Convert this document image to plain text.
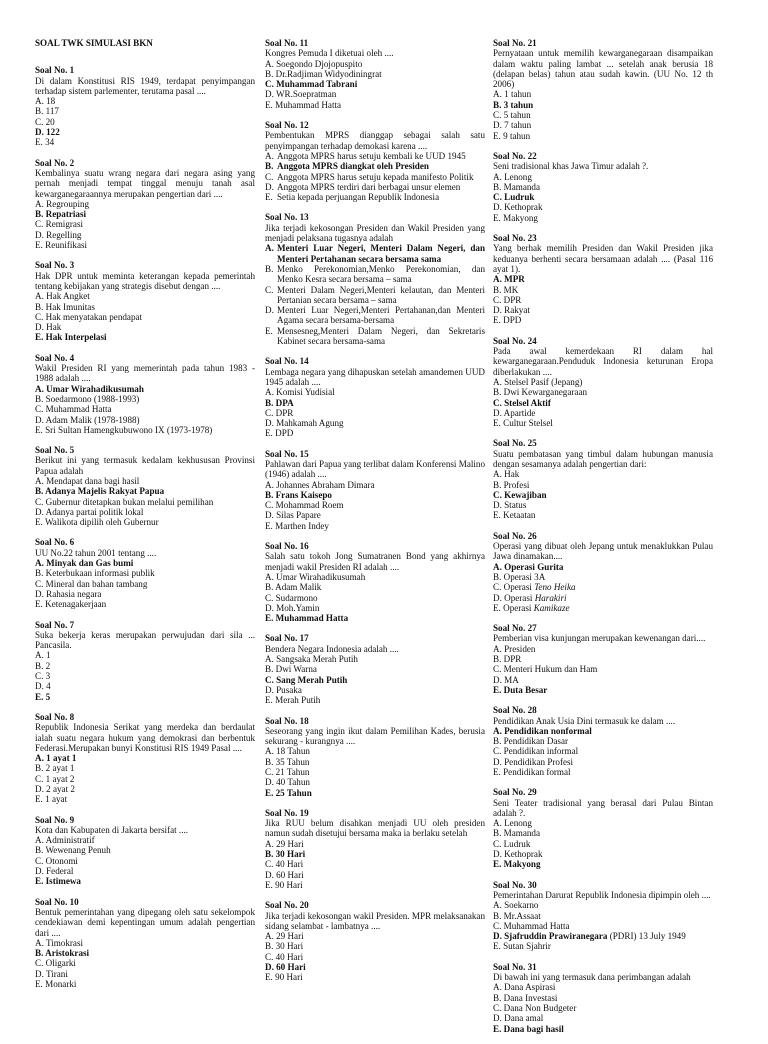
SOAL TWK SIMULASI BKN
Soal No. 1
Di dalam Konstitusi RIS 1949, terdapat penyimpangan terhadap sistem parlementer, terutama pasal ....
A. 18
B. 117
C. 20
D. 122
E. 34
Soal No. 2
Kembalinya suatu wrang negara dari negara asing yang pernah menjadi tempat tinggal menuju tanah asal kewarganegaraannya merupakan pengertian dari ....
A. Regrouping
B. Repatriasi
C. Remigrasi
D. Regelling
E. Reunifikasi
Soal No. 3
Hak DPR untuk meminta keterangan kepada pemerintah tentang kebijakan yang strategis disebut dengan ....
A. Hak Angket
B. Hak Imunitas
C. Hak menyatakan pendapat
D. Hak
E. Hak Interpelasi
Soal No. 4
Wakil Presiden RI yang memerintah pada tahun 1983 - 1988 adalah ....
A. Umar Wirahadikusumah
B. Soedarmono (1988-1993)
C. Muhammad Hatta
D. Adam Malik (1978-1988)
E. Sri Sultan Hamengkubuwono IX (1973-1978)
Soal No. 5
Berikut ini yang termasuk kedalam kekhususan Provinsi Papua adalah
A. Mendapat dana bagi hasil
B. Adanya Majelis Rakyat Papua
C. Gubernur ditetapkan bukan melalui pemilihan
D. Adanya partai politik lokal
E. Walikota dipilih oleh Gubernur
Soal No. 6
UU No.22 tahun 2001 tentang ....
A. Minyak dan Gas bumi
B. Keterbukaan informasi publik
C. Mineral dan bahan tambang
D. Rahasia negara
E. Ketenagakerjaan
Soal No. 7
Suka bekerja keras merupakan perwujudan dari sila ... Pancasila.
A. 1
B. 2
C. 3
D. 4
E. 5
Soal No. 8
Republik Indonesia Serikat yang merdeka dan berdaulat ialah suatu negara hukum yang demokrasi dan berbentuk Federasi.Merupakan bunyi Konstitusi RIS 1949 Pasal ....
A. 1 ayat 1
B. 2 ayat 1
C. 1 ayat 2
D. 2 ayat 2
E. 1 ayat
Soal No. 9
Kota dan Kabupaten di Jakarta bersifat ....
A. Administratif
B. Wewenang Penuh
C. Otonomi
D. Federal
E. Istimewa
Soal No. 10
Bentuk pemerintahan yang dipegang oleh satu sekelompok cendekiawan demi kepentingan umum adalah pengertian dari ....
A. Timokrasi
B. Aristokrasi
C. Oligarki
D. Tirani
E. Monarki
Soal No. 11
Kongres Pemuda I diketuai oleh ....
A. Soegondo Djojopuspito
B. Dr.Radjiman Widyodiningrat
C. Muhammad Tabrani
D. WR.Soepratman
E. Muhammad Hatta
Soal No. 12
Pembentukan MPRS dianggap sebagai salah satu penyimpangan terhadap demokasi karena ....
A. Anggota MPRS harus setuju kembali ke UUD 1945
B. Anggota MPRS diangkat oleh Presiden
C. Anggota MPRS harus setuju kepada manifesto Politik
D. Anggota MPRS terdiri dari berbagai unsur elemen
E. Setia kepada perjuangan Republik Indonesia
Soal No. 13
Jika terjadi kekosongan Presiden dan Wakil Presiden yang menjadi pelaksana tugasnya adalah
A. Menteri Luar Negeri, Menteri Dalam Negeri, dan Menteri Pertahanan secara bersama sama
B. Menko Perekonomian,Menko Perekonomian, dan Menko Kesra secara bersama – sama
C. Menteri Dalam Negeri,Menteri kelautan, dan Menteri Pertanian secara bersama – sama
D. Menteri Luar Negeri,Menteri Pertahanan,dan Menteri Agama secara bersama-bersama
E. Mensesneg,Menteri Dalam Negeri, dan Sekretaris Kabinet secara bersama-sama
Soal No. 14
Lembaga negara yang dihapuskan setelah amandemen UUD 1945 adalah ....
A. Komisi Yudisial
B. DPA
C. DPR
D. Mahkamah Agung
E. DPD
Soal No. 15
Pahlawan dari Papua yang terlibat dalam Konferensi Malino (1946) adalah ....
A. Johannes Abraham Dimara
B. Frans Kaisepo
C. Mohammad Roem
D. Silas Papare
E. Marthen Indey
Soal No. 16
Salah satu tokoh Jong Sumatranen Bond yang akhirnya menjadi wakil Presiden RI adalah ....
A. Umar Wirahadikusumah
B. Adam Malik
C. Sudarmono
D. Moh.Yamin
E. Muhammad Hatta
Soal No. 17
Bendera Negara Indonesia adalah ....
A. Sangsaka Merah Putih
B. Dwi Warna
C. Sang Merah Putih
D. Pusaka
E. Merah Putih
Soal No. 18
Seseorang yang ingin ikut dalam Pemilihan Kades, berusia sekurang - kurangnya ....
A. 18 Tahun
B. 35 Tahun
C. 21 Tahun
D. 40 Tahun
E. 25 Tahun
Soal No. 19
Jika RUU belum disahkan menjadi UU oleh presiden namun sudah disetujui bersama maka ia berlaku setelah
A. 29 Hari
B. 30 Hari
C. 40 Hari
D. 60 Hari
E. 90 Hari
Soal No. 20
Jika terjadi kekosongan wakil Presiden. MPR melaksanakan sidang selambat - lambatnya ....
A. 29 Hari
B. 30 Hari
C. 40 Hari
D. 60 Hari
E. 90 Hari
Soal No. 21
Pernyataan untuk memilih kewarganegaraan disampaikan dalam waktu paling lambat ... setelah anak berusia 18 (delapan belas) tahun atau sudah kawin. (UU No. 12 th 2006)
A. 1 tahun
B. 3 tahun
C. 5 tahun
D. 7 tahun
E. 9 tahun
Soal No. 22
Seni tradisional khas Jawa Timur adalah ?.
A. Lenong
B. Mamanda
C. Ludruk
D. Kethoprak
E. Makyong
Soal No. 23
Yang berhak memilih Presiden dan Wakil Presiden jika keduanya berhenti secara bersamaan adalah .... (Pasal 116 ayat 1).
A. MPR
B. MK
C. DPR
D. Rakyat
E. DPD
Soal No. 24
Pada awal kemerdekaan RI dalam hal kewarganegaraan.Penduduk Indonesia keturunan Eropa diberlakukan ....
A. Stelsel Pasif (Jepang)
B. Dwi Kewarganegaraan
C. Stelsel Aktif
D. Apartide
E. Cultur Stelsel
Soal No. 25
Suatu pembatasan yang timbul dalam hubungan manusia dengan sesamanya adalah pengertian dari:
A. Hak
B. Profesi
C. Kewajiban
D. Status
E. Ketaatan
Soal No. 26
Operasi yang dibuat oleh Jepang untuk menaklukkan Pulau Jawa dinamakan....
A. Operasi Gurita
B. Operasi 3A
C. Operasi Teno Heika
D. Operasi Harakiri
E. Operasi Kamikaze
Soal No. 27
Pemberian visa kunjungan merupakan kewenangan dari....
A. Presiden
B. DPR
C. Menteri Hukum dan Ham
D. MA
E. Duta Besar
Soal No. 28
Pendidikan Anak Usia Dini termasuk ke dalam ....
A. Pendidikan nonformal
B. Pendidikan Dasar
C. Pendidikan informal
D. Pendidikan Profesi
E. Pendidikan formal
Soal No. 29
Seni Teater tradisional yang berasal dari Pulau Bintan adalah ?.
A. Lenong
B. Mamanda
C. Ludruk
D. Kethoprak
E. Makyong
Soal No. 30
Pemerintahan Darurat Republik Indonesia dipimpin oleh ....
A. Soekarno
B. Mr.Assaat
C. Muhammad Hatta
D. Sjafruddin Prawiranegara (PDRI) 13 July 1949
E. Sutan Sjahrir
Soal No. 31
Di bawah ini yang termasuk dana perimbangan adalah
A. Dana Aspirasi
B. Dana Investasi
C. Dana Non Budgeter
D. Dana amal
E. Dana bagi hasil
